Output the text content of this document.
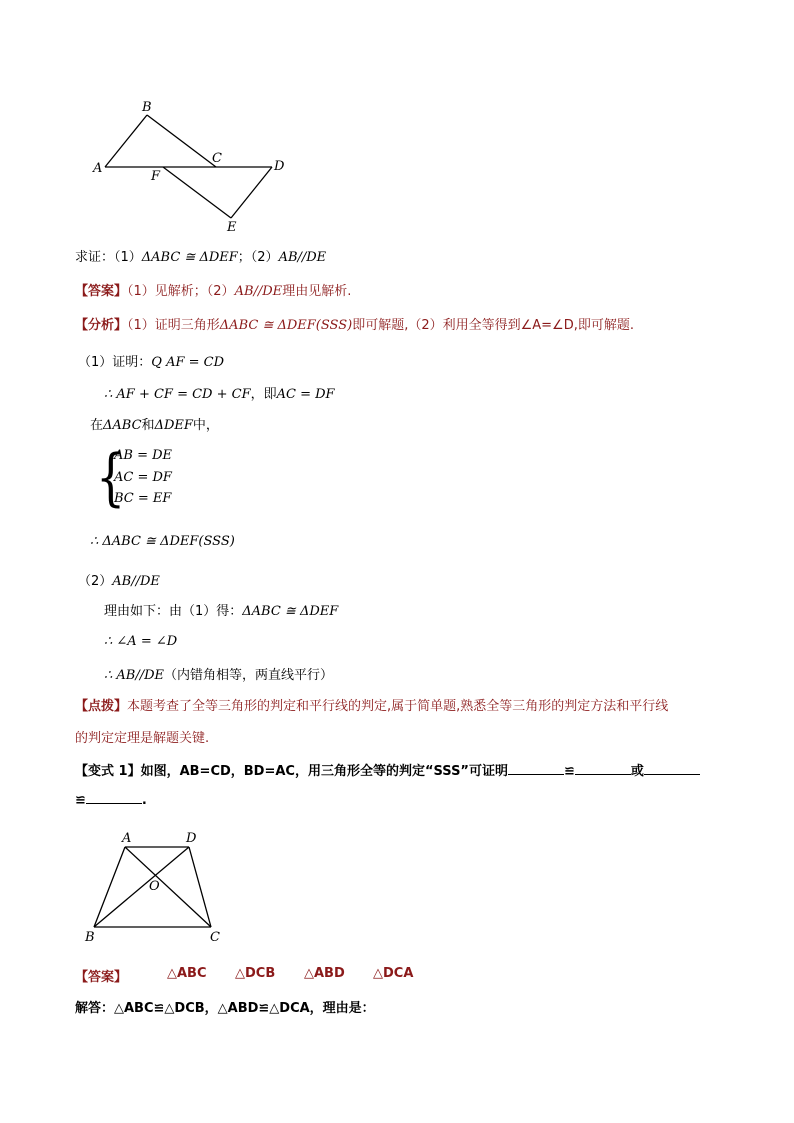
B
A
C
D
F
E
求证：（1）ΔABC ≅ ΔDEF；（2）AB//DE
【答案】（1）见解析；（2）AB//DE理由见解析.
【分析】（1）证明三角形ΔABC ≅ ΔDEF(SSS)即可解题,（2）利用全等得到∠A=∠D,即可解题.
（1）证明：Q AF = CD
∴ AF + CF = CD + CF，即AC = DF
在ΔABC和ΔDEF中，
{
AB = DE
AC = DF
BC = EF
∴ ΔABC ≅ ΔDEF(SSS)
（2）AB//DE
理由如下：由（1）得：ΔABC ≅ ΔDEF
∴ ∠A = ∠D
∴ AB//DE（内错角相等，两直线平行）
【点拨】本题考查了全等三角形的判定和平行线的判定,属于简单题,熟悉全等三角形的判定方法和平行线
的判定定理是解题关键.
【变式 1】如图，AB=CD，BD=AC，用三角形全等的判定“SSS”可证明	≌	或
≌	.
A	D
O
B	C
【答案】	△ABC △DCB △ABD △DCA
解答：△ABC≌△DCB，△ABD≌△DCA，理由是：
